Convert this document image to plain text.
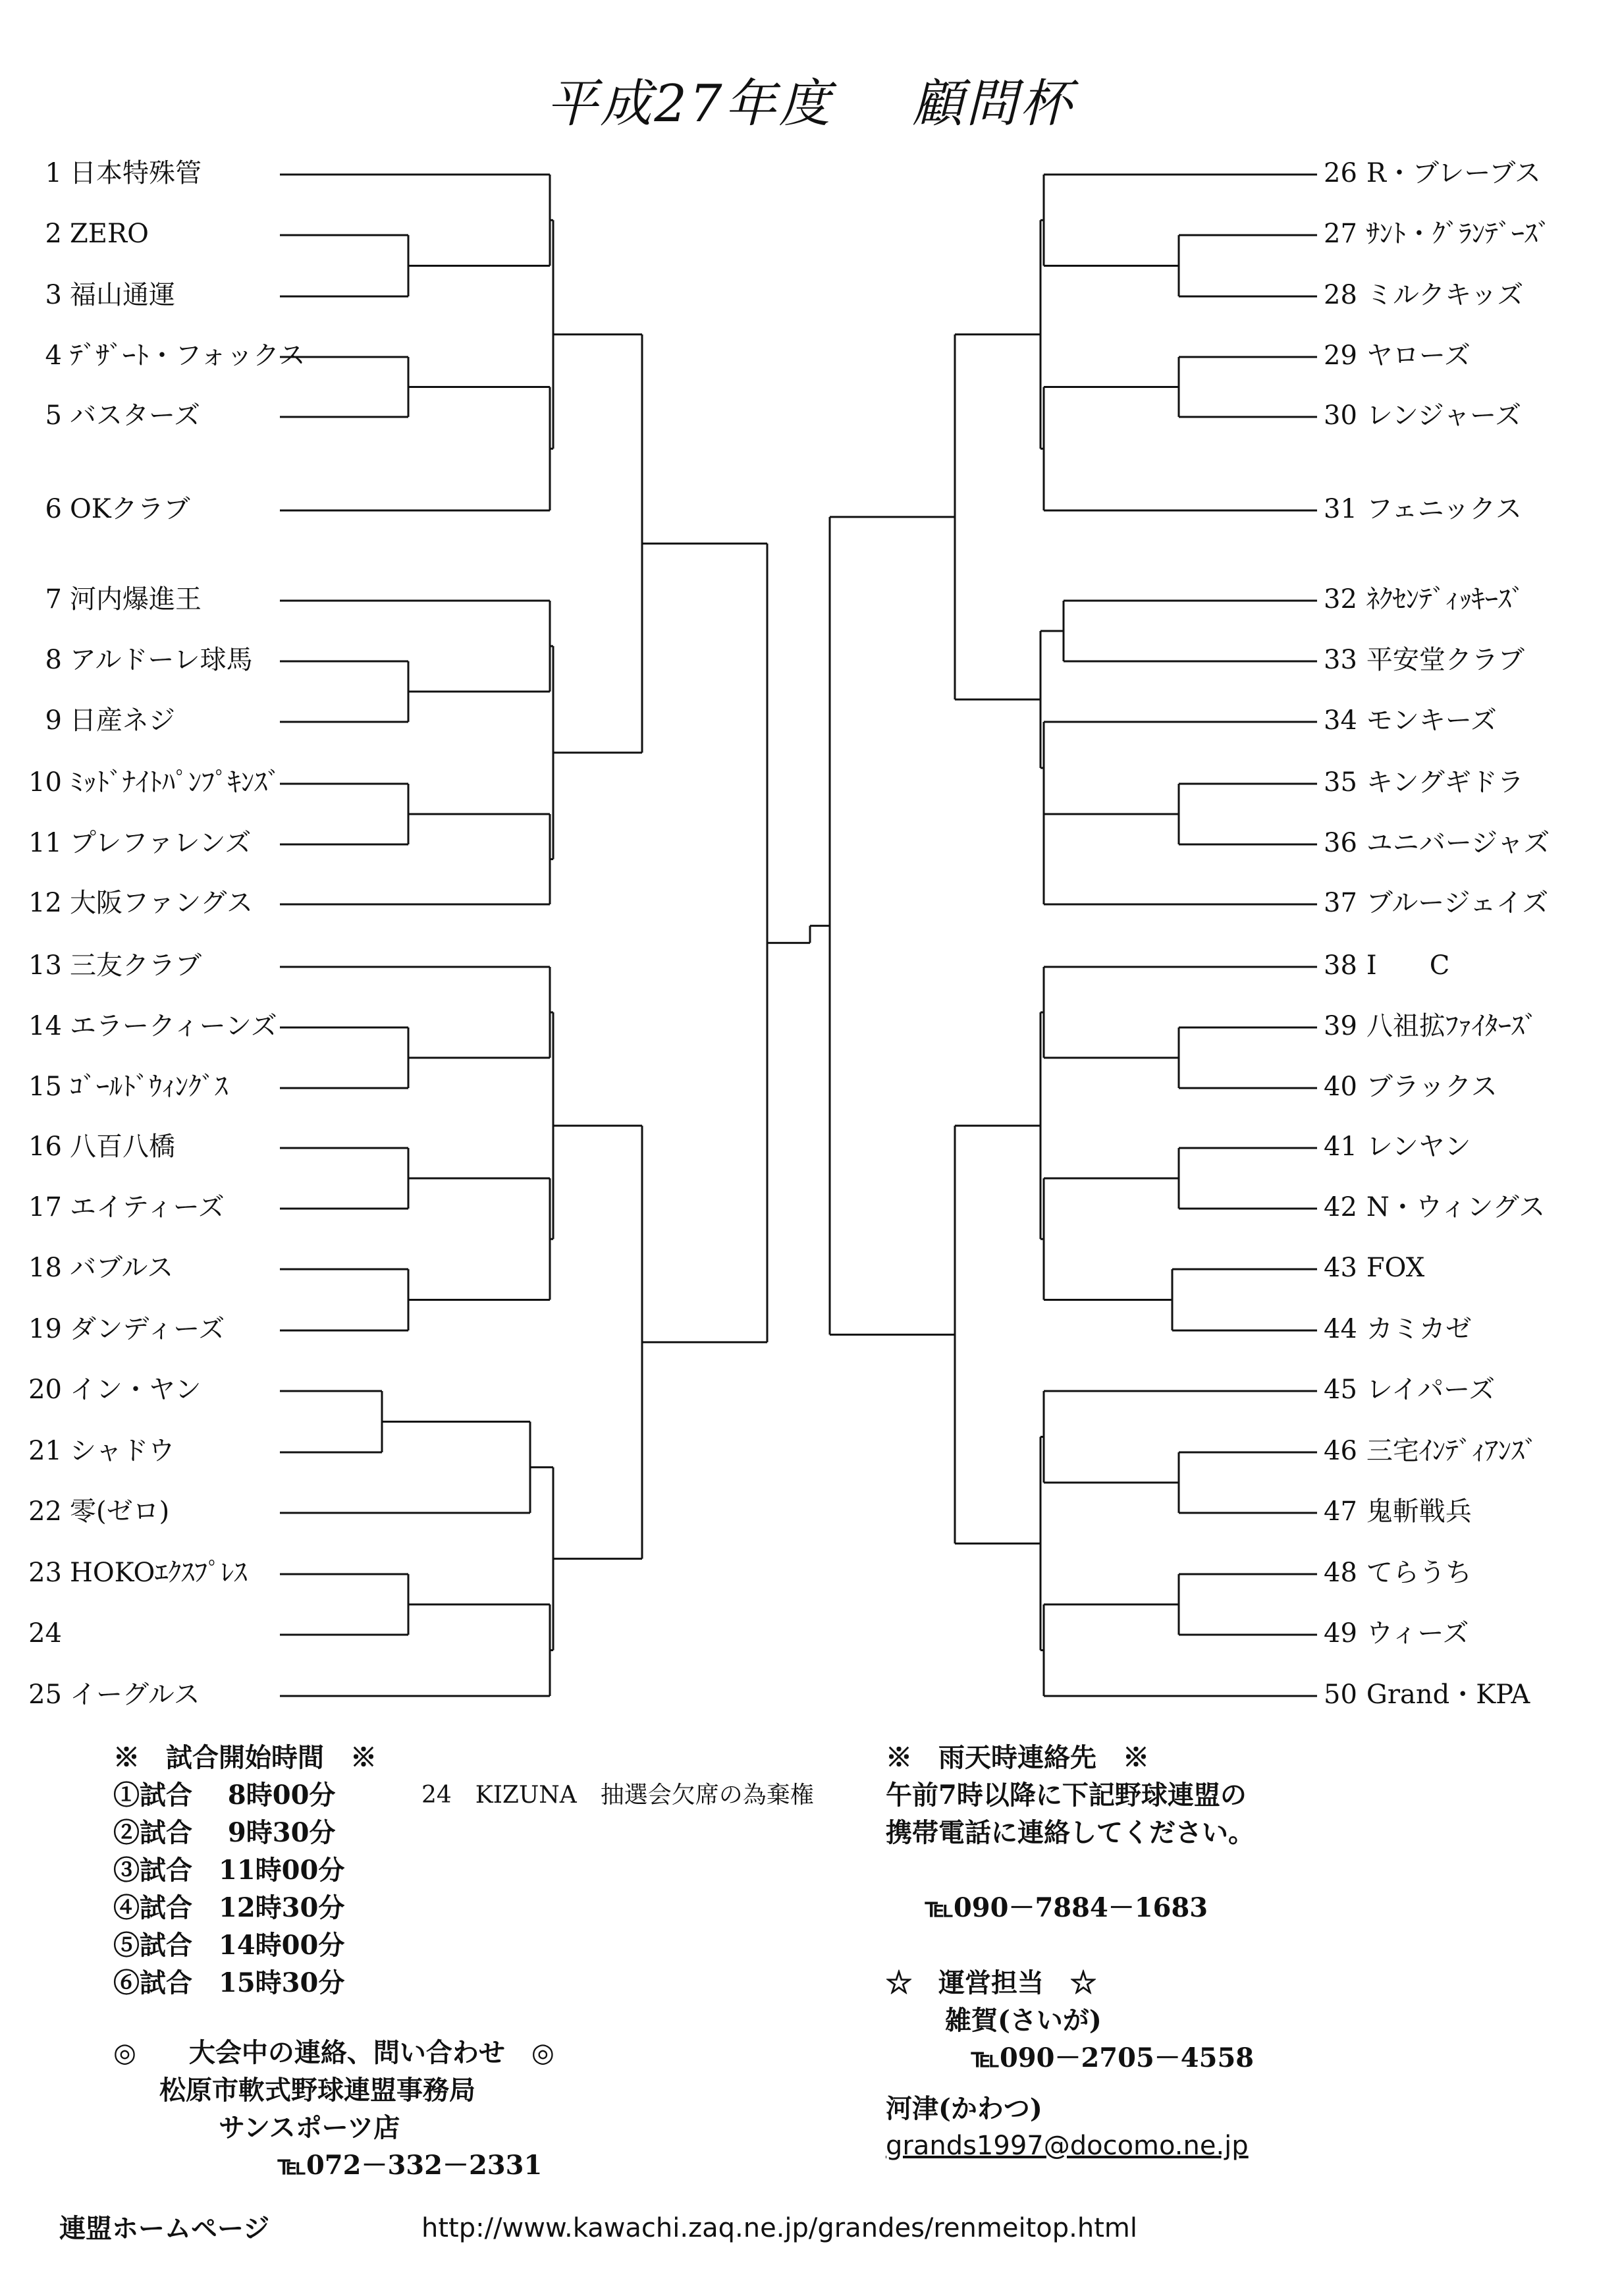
平成27年度 顧問杯
1 日本特殊管
2 ZERO
3 福山通運
4 ﾃﾞｻﾞｰﾄ・フォックス
5 バスターズ
6 OKクラブ
7 河内爆進王
8 アルドーレ球馬
9 日産ネジ
10 ﾐｯﾄﾞﾅｲﾄﾊﾟﾝﾌﾟｷﾝｽﾞ
11 プレファレンズ
12 大阪ファングス
13 三友クラブ
14 エラークィーンズ
15 ｺﾞｰﾙﾄﾞｳｨﾝｸﾞｽ
16 八百八橋
17 エイティーズ
18 バブルス
19 ダンディーズ
20 イン・ヤン
21 シャドウ
22 零(ゼロ)
23 HOKOｴｸｽﾌﾟﾚｽ
24
25 イーグルス
26 R・ブレーブス
27 ｻﾝﾄ・ｸﾞﾗﾝﾃﾞｰｽﾞ
28 ミルクキッズ
29 ヤローズ
30 レンジャーズ
31 フェニックス
32 ﾈｸｾﾝﾃﾞｨｯｷｰｽﾞ
33 平安堂クラブ
34 モンキーズ
35 キングギドラ
36 ユニバージャズ
37 ブルージェイズ
38 I　　C
39 八祖拡ﾌｧｲﾀｰｽﾞ
40 ブラックス
41 レンヤン
42 N・ウィングス
43 FOX
44 カミカゼ
45 レイパーズ
46 三宅ｲﾝﾃﾞｨｱﾝｽﾞ
47 鬼斬戦兵
48 てらうち
49 ウィーズ
50 Grand・KPA
※　試合開始時間　※
①試合　 8時00分
②試合　 9時30分
③試合　11時00分
④試合　12時30分
⑤試合　14時00分
⑥試合　15時30分
24　KIZUNA　抽選会欠席の為棄権
※　雨天時連絡先　※
午前7時以降に下記野球連盟の
携帯電話に連絡してください。
℡090－7884－1683
☆　運営担当　☆
雑賀(さいが)
℡090－2705－4558
河津(かわつ)
grands1997@docomo.ne.jp
◎　　大会中の連絡、問い合わせ　◎
松原市軟式野球連盟事務局
サンスポーツ店
℡072－332－2331
連盟ホームページ	http://www.kawachi.zaq.ne.jp/grandes/renmeitop.html
